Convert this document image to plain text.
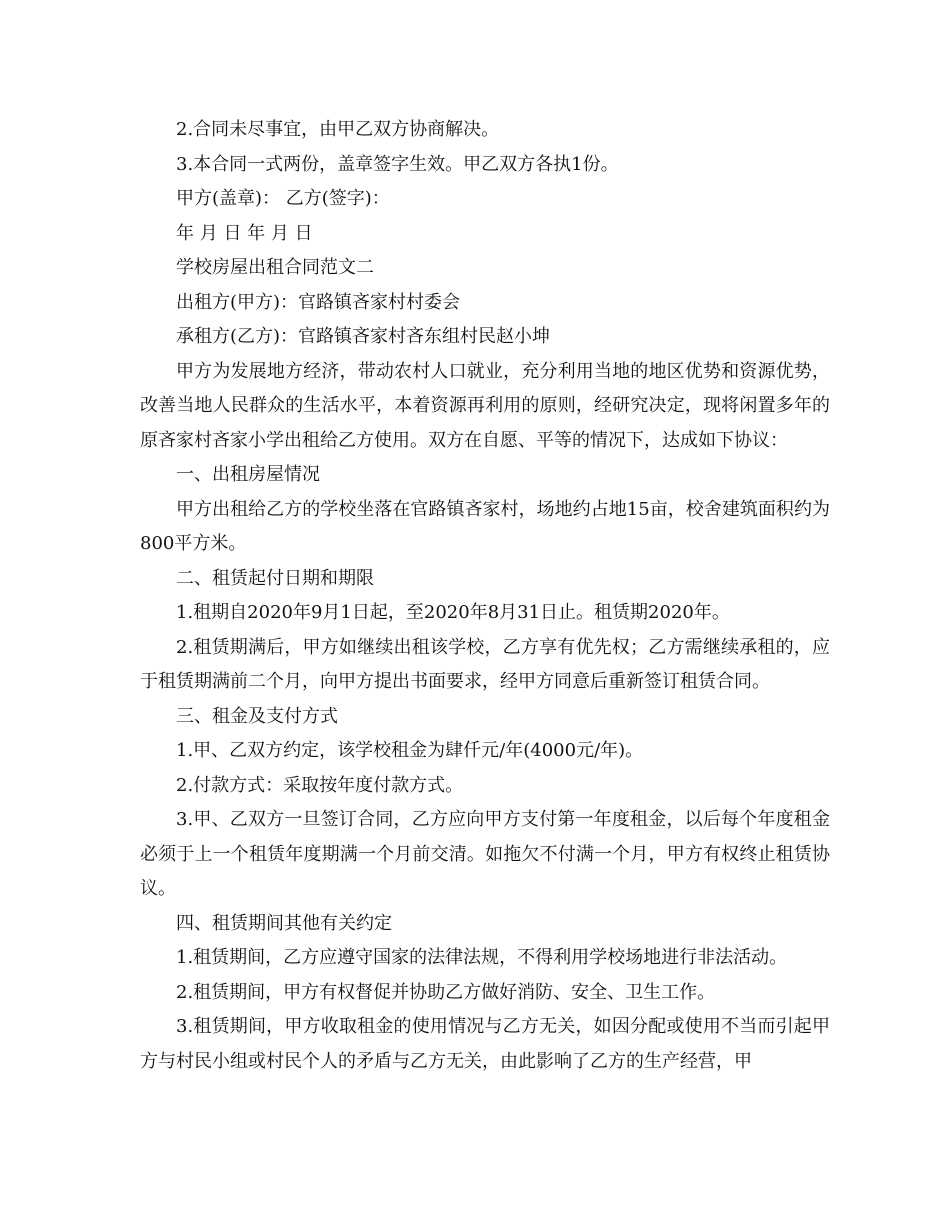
2.合同未尽事宜，由甲乙双方协商解决。

3.本合同一式两份，盖章签字生效。甲乙双方各执1份。

甲方(盖章)： 乙方(签字)：

年 月 日 年 月 日

学校房屋出租合同范文二

出租方(甲方)：官路镇吝家村村委会

承租方(乙方)：官路镇吝家村吝东组村民赵小坤

甲方为发展地方经济，带动农村人口就业，充分利用当地的地区优势和资源优势，改善当地人民群众的生活水平，本着资源再利用的原则，经研究决定，现将闲置多年的原吝家村吝家小学出租给乙方使用。双方在自愿、平等的情况下，达成如下协议：

一、出租房屋情况

甲方出租给乙方的学校坐落在官路镇吝家村，场地约占地15亩，校舍建筑面积约为800平方米。

二、租赁起付日期和期限

1.租期自2020年9月1日起，至2020年8月31日止。租赁期2020年。

2.租赁期满后，甲方如继续出租该学校，乙方享有优先权；乙方需继续承租的，应于租赁期满前二个月，向甲方提出书面要求，经甲方同意后重新签订租赁合同。

三、租金及支付方式

1.甲、乙双方约定，该学校租金为肆仟元/年(4000元/年)。

2.付款方式：采取按年度付款方式。

3.甲、乙双方一旦签订合同，乙方应向甲方支付第一年度租金，以后每个年度租金必须于上一个租赁年度期满一个月前交清。如拖欠不付满一个月，甲方有权终止租赁协议。

四、租赁期间其他有关约定

1.租赁期间，乙方应遵守国家的法律法规，不得利用学校场地进行非法活动。

2.租赁期间，甲方有权督促并协助乙方做好消防、安全、卫生工作。

3.租赁期间，甲方收取租金的使用情况与乙方无关，如因分配或使用不当而引起甲方与村民小组或村民个人的矛盾与乙方无关，由此影响了乙方的生产经营，甲
